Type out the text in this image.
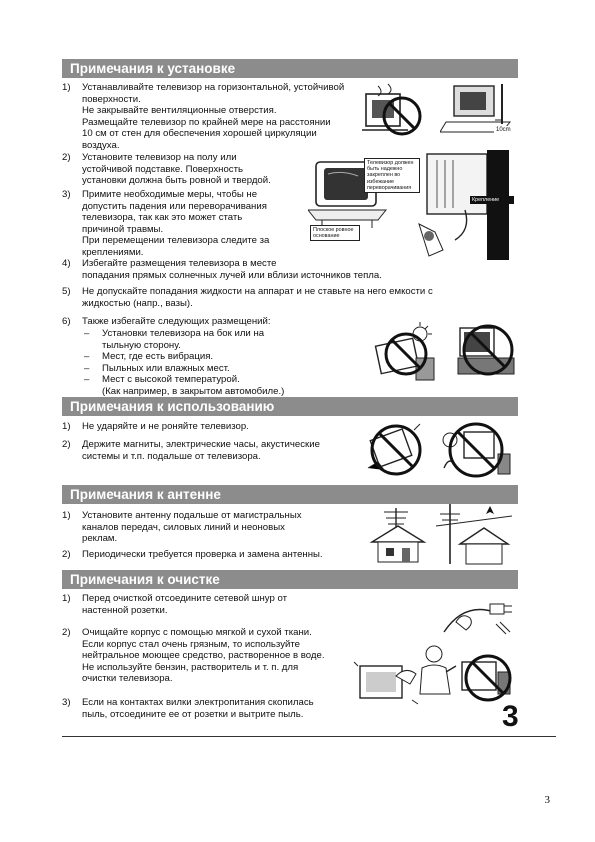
Примечания к установке
1)	Устанавливайте телевизор на горизонтальной, устойчивой
поверхности.
Не закрывайте вентиляционные отверстия.
Размещайте телевизор по крайней мере на расстоянии
10 см от стен для обеспечения хорошей циркуляции
воздуха.
2)	Установите телевизор на полу или
устойчивой подставке. Поверхность
установки должна быть ровной и твердой.
3)	Примите необходимые меры, чтобы не
допустить падения или переворачивания
телевизора, так как это может стать
причиной травмы.
При перемещении телевизора следите за
креплениями.
4)	Избегайте размещения телевизора в месте
попадания прямых солнечных лучей или вблизи источников тепла.
5)	Не допускайте попадания жидкости на аппарат и не ставьте на него емкости с
жидкостью (напр., вазы).
6)	Также избегайте следующих размещений:
– Установки телевизора на бок или на
тыльную сторону.
– Мест, где есть вибрация.
– Пыльных или влажных мест.
– Мест с высокой температурой.
(Как например, в закрытом автомобиле.)
10cm
Телевизор должен
быть надежно
закреплен во
избежание
переворачивания
Плоское ровное
основание
Крепление
Примечания к использованию
1)	Не ударяйте и не роняйте телевизор.
2)	Держите магниты, электрические часы, акустические
системы и т.п. подальше от телевизора.
Примечания к антенне
1)	Установите антенну подальше от магистральных
каналов передач, силовых линий и неоновых
реклам.
2)	Периодически требуется проверка и замена антенны.
Примечания к очистке
1)	Перед очисткой отсоедините сетевой шнур от
настенной розетки.
2)	Очищайте корпус с помощью мягкой и сухой ткани.
Если корпус стал очень грязным, то используйте
нейтральное моющее средство, растворенное в воде.
Не используйте бензин, растворитель и т. п. для
очистки телевизора.
3)	Если на контактах вилки электропитания скопилась
пыль, отсоедините ее от розетки и вытрите пыль.	3
3
